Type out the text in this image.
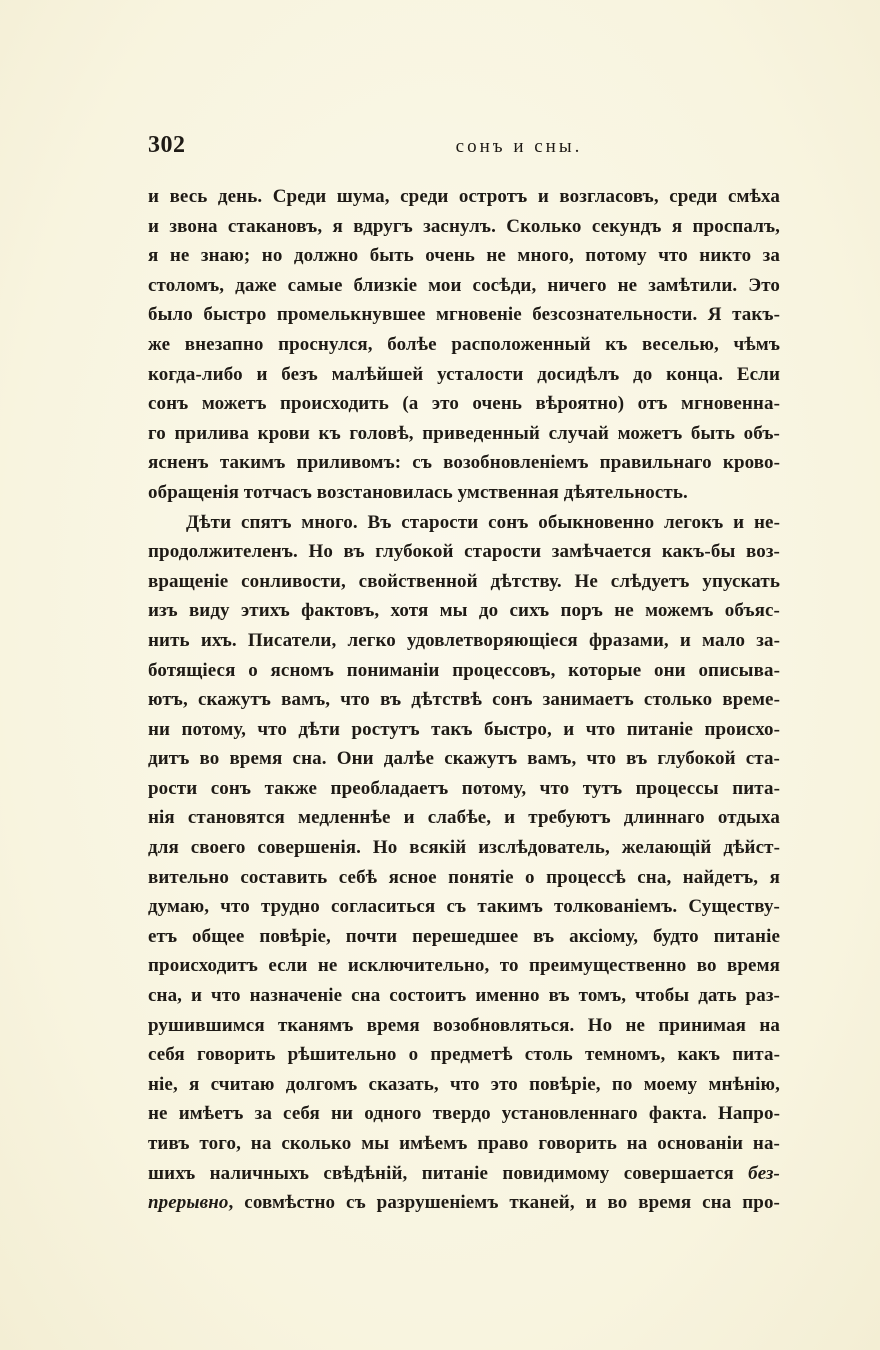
302	сонъ и сны.
и весь день. Среди шума, среди остротъ и возгласовъ, среди смѣха
и звона стакановъ, я вдругъ заснулъ. Сколько секундъ я проспалъ,
я не знаю; но должно быть очень не много, потому что никто за
столомъ, даже самые близкіе мои сосѣди, ничего не замѣтили. Это
было быстро промелькнувшее мгновеніе безсознательности. Я такъ-
же внезапно проснулся, болѣе расположенный къ веселью, чѣмъ
когда-либо и безъ малѣйшей усталости досидѣлъ до конца. Если
сонъ можетъ происходить (а это очень вѣроятно) отъ мгновенна-
го прилива крови къ головѣ, приведенный случай можетъ быть объ-
ясненъ такимъ приливомъ: съ возобновленіемъ правильнаго крово-
обращенія тотчасъ возстановилась умственная дѣятельность.
Дѣти спятъ много. Въ старости сонъ обыкновенно легокъ и не-
продолжителенъ. Но въ глубокой старости замѣчается какъ-бы воз-
вращеніе сонливости, свойственной дѣтству. Не слѣдуетъ упускать
изъ виду этихъ фактовъ, хотя мы до сихъ поръ не можемъ объяс-
нить ихъ. Писатели, легко удовлетворяющіеся фразами, и мало за-
ботящіеся о ясномъ пониманіи процессовъ, которые они описыва-
ютъ, скажутъ вамъ, что въ дѣтствѣ сонъ занимаетъ столько време-
ни потому, что дѣти ростутъ такъ быстро, и что питаніе происхо-
дитъ во время сна. Они далѣе скажутъ вамъ, что въ глубокой ста-
рости сонъ также преобладаетъ потому, что тутъ процессы пита-
нія становятся медленнѣе и слабѣе, и требуютъ длиннаго отдыха
для своего совершенія. Но всякій изслѣдователь, желающій дѣйст-
вительно составить себѣ ясное понятіе о процессѣ сна, найдетъ, я
думаю, что трудно согласиться съ такимъ толкованіемъ. Существу-
етъ общее повѣріе, почти перешедшее въ аксіому, будто питаніе
происходитъ если не исключительно, то преимущественно во время
сна, и что назначеніе сна состоитъ именно въ томъ, чтобы дать раз-
рушившимся тканямъ время возобновляться. Но не принимая на
себя говорить рѣшительно о предметѣ столь темномъ, какъ пита-
ніе, я считаю долгомъ сказать, что это повѣріе, по моему мнѣнію,
не имѣетъ за себя ни одного твердо установленнаго факта. Напро-
тивъ того, на сколько мы имѣемъ право говорить на основаніи на-
шихъ наличныхъ свѣдѣній, питаніе повидимому совершается без-
прерывно, совмѣстно съ разрушеніемъ тканей, и во время сна про-
